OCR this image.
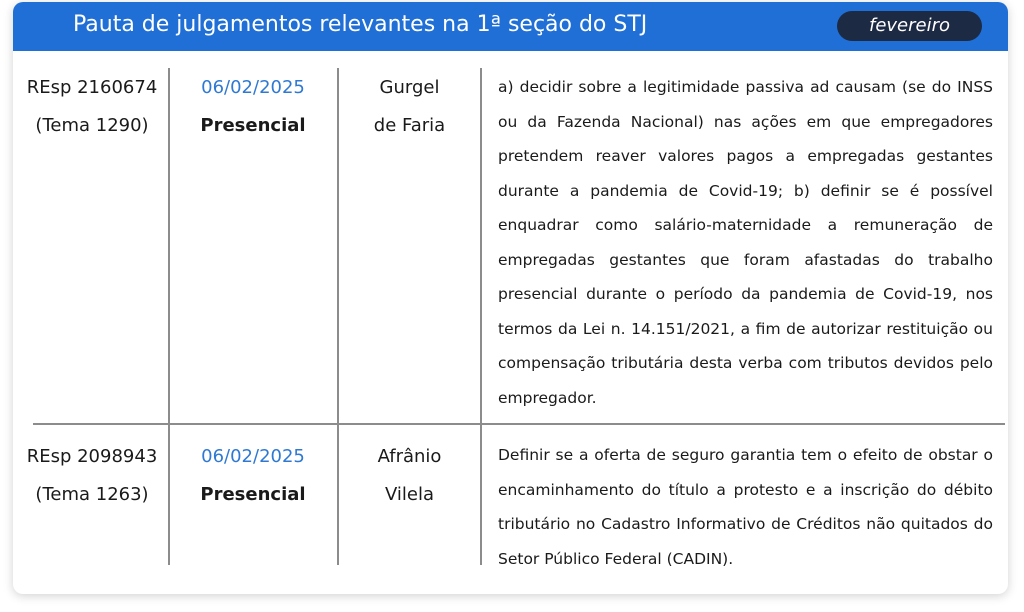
Pauta de julgamentos relevantes na 1ª seção do STJ	fevereiro
REsp 2160674
(Tema 1290)
06/02/2025
Presencial
Gurgel
de Faria
a) decidir sobre a legitimidade passiva ad causam (se do INSS ou da Fazenda Nacional) nas ações em que empregadores pretendem reaver valores pagos a empregadas gestantes durante a pandemia de Covid-19; b) definir se é possível enquadrar como salário-maternidade a remuneração de empregadas gestantes que foram afastadas do trabalho presencial durante o período da pandemia de Covid-19, nos termos da Lei n. 14.151/2021, a fim de autorizar restituição ou compensação tributária desta verba com tributos devidos pelo empregador.
REsp 2098943
(Tema 1263)
06/02/2025
Presencial
Afrânio
Vilela
Definir se a oferta de seguro garantia tem o efeito de obstar o encaminhamento do título a protesto e a inscrição do débito tributário no Cadastro Informativo de Créditos não quitados do Setor Público Federal (CADIN).
